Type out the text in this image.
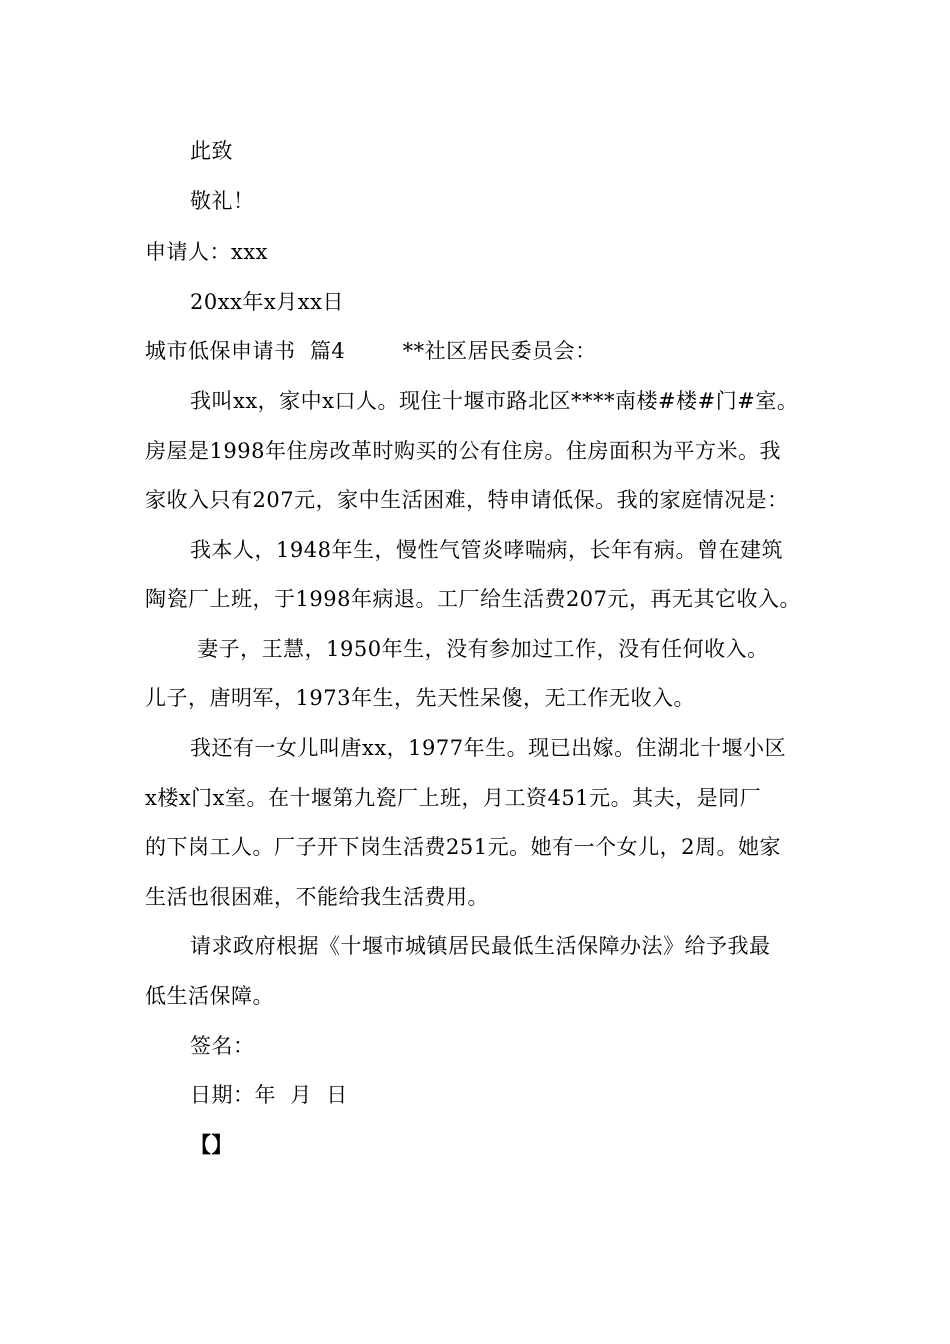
此致
敬礼！
申请人：xxx
20xx年x月xx日
城市低保申请书  篇4        **社区居民委员会：
我叫xx，家中x口人。现住十堰市路北区****南楼#楼#门#室。
房屋是1998年住房改革时购买的公有住房。住房面积为平方米。我
家收入只有207元，家中生活困难，特申请低保。我的家庭情况是：
我本人，1948年生，慢性气管炎哮喘病，长年有病。曾在建筑
陶瓷厂上班，于1998年病退。工厂给生活费207元，再无其它收入。
妻子，王慧，1950年生，没有参加过工作，没有任何收入。
儿子，唐明军，1973年生，先天性呆傻，无工作无收入。
我还有一女儿叫唐xx，1977年生。现已出嫁。住湖北十堰小区
x楼x门x室。在十堰第九瓷厂上班，月工资451元。其夫，是同厂
的下岗工人。厂子开下岗生活费251元。她有一个女儿，2周。她家
生活也很困难，不能给我生活费用。
请求政府根据《十堰市城镇居民最低生活保障办法》给予我最
低生活保障。
签名：
日期：年  月  日
【】
